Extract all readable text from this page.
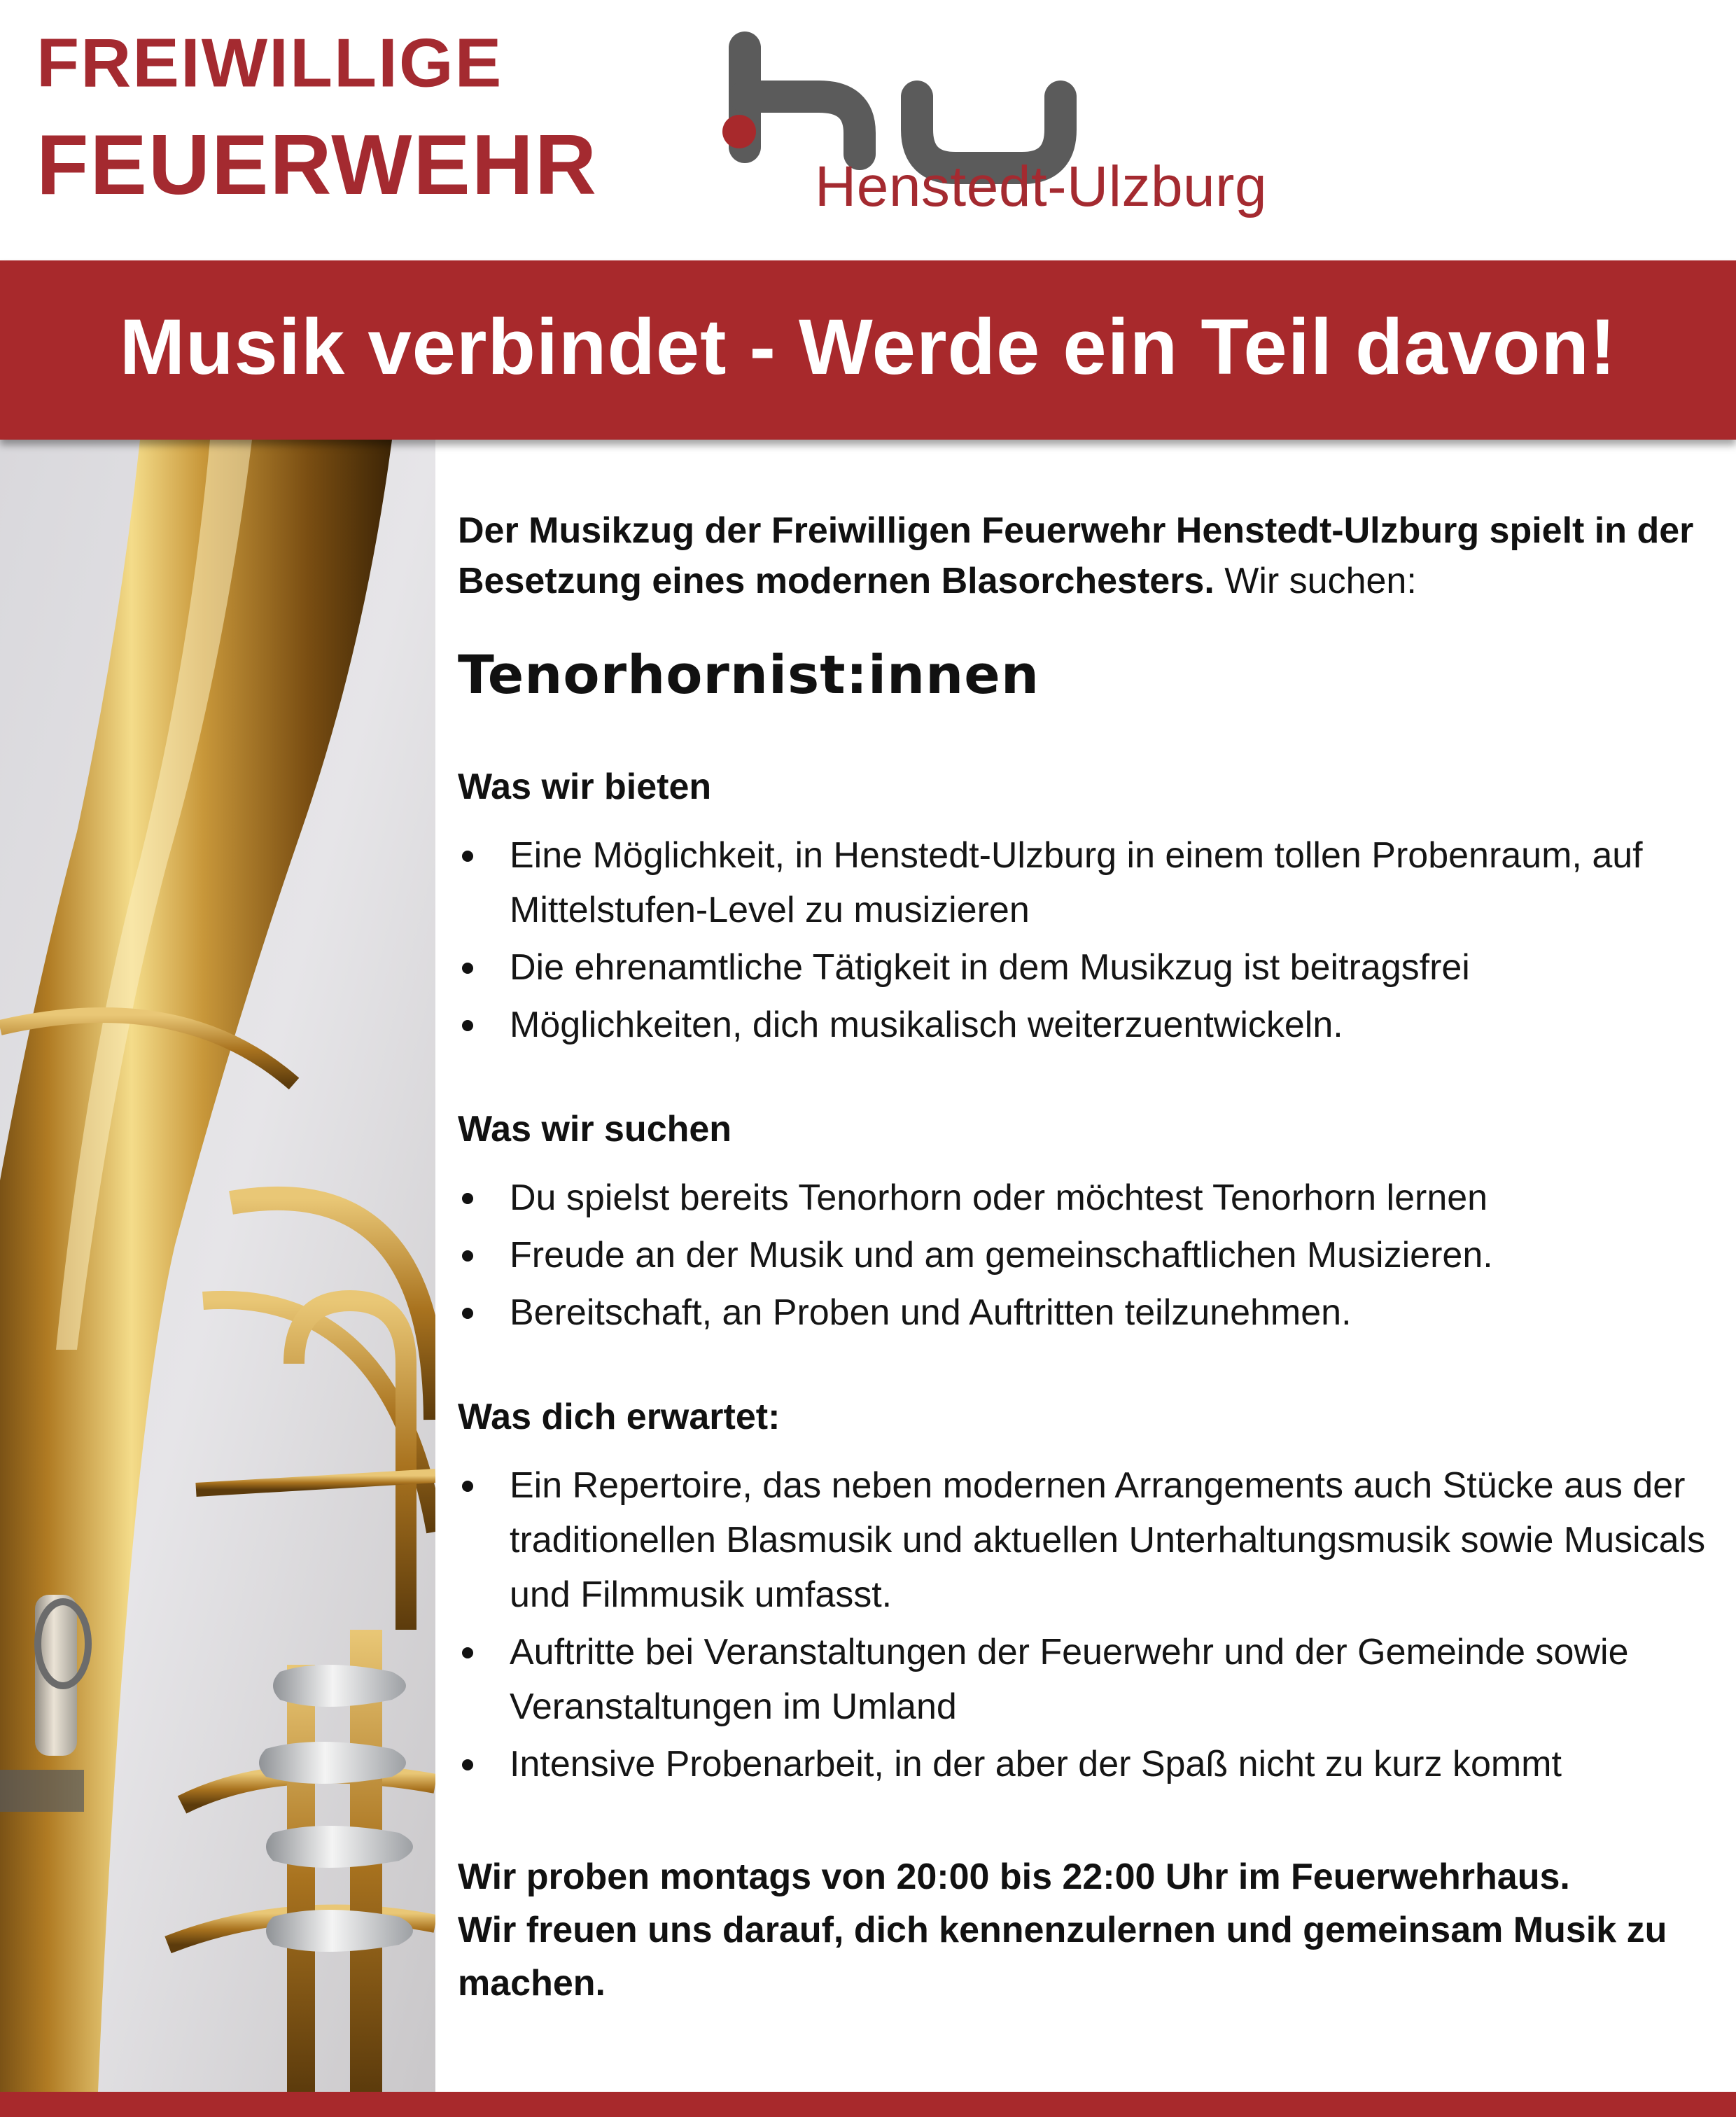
FREIWILLIGE
FEUERWEHR	Henstedt-Ulzburg
Musik verbindet - Werde ein Teil davon!

Der Musikzug der Freiwilligen Feuerwehr Henstedt-Ulzburg spielt in der Besetzung eines modernen Blasorchesters. Wir suchen:

Tenorhornist:innen
Was wir bieten
Eine Möglichkeit, in Henstedt-Ulzburg in einem tollen Probenraum, auf Mittelstufen-Level zu musizieren
Die ehrenamtliche Tätigkeit in dem Musikzug ist beitragsfrei
Möglichkeiten, dich musikalisch weiterzuentwickeln.
Was wir suchen
Du spielst bereits Tenorhorn oder möchtest Tenorhorn lernen
Freude an der Musik und am gemeinschaftlichen Musizieren.
Bereitschaft, an Proben und Auftritten teilzunehmen.
Was dich erwartet:
Ein Repertoire, das neben modernen Arrangements auch Stücke aus der traditionellen Blasmusik und aktuellen Unterhaltungsmusik sowie Musicals und Filmmusik umfasst.
Auftritte bei Veranstaltungen der Feuerwehr und der Gemeinde sowie Veranstaltungen im Umland
Intensive Probenarbeit, in der aber der Spaß nicht zu kurz kommt
Wir proben montags von 20:00 bis 22:00 Uhr im Feuerwehrhaus.
Wir freuen uns darauf, dich kennenzulernen und gemeinsam Musik zu machen.
